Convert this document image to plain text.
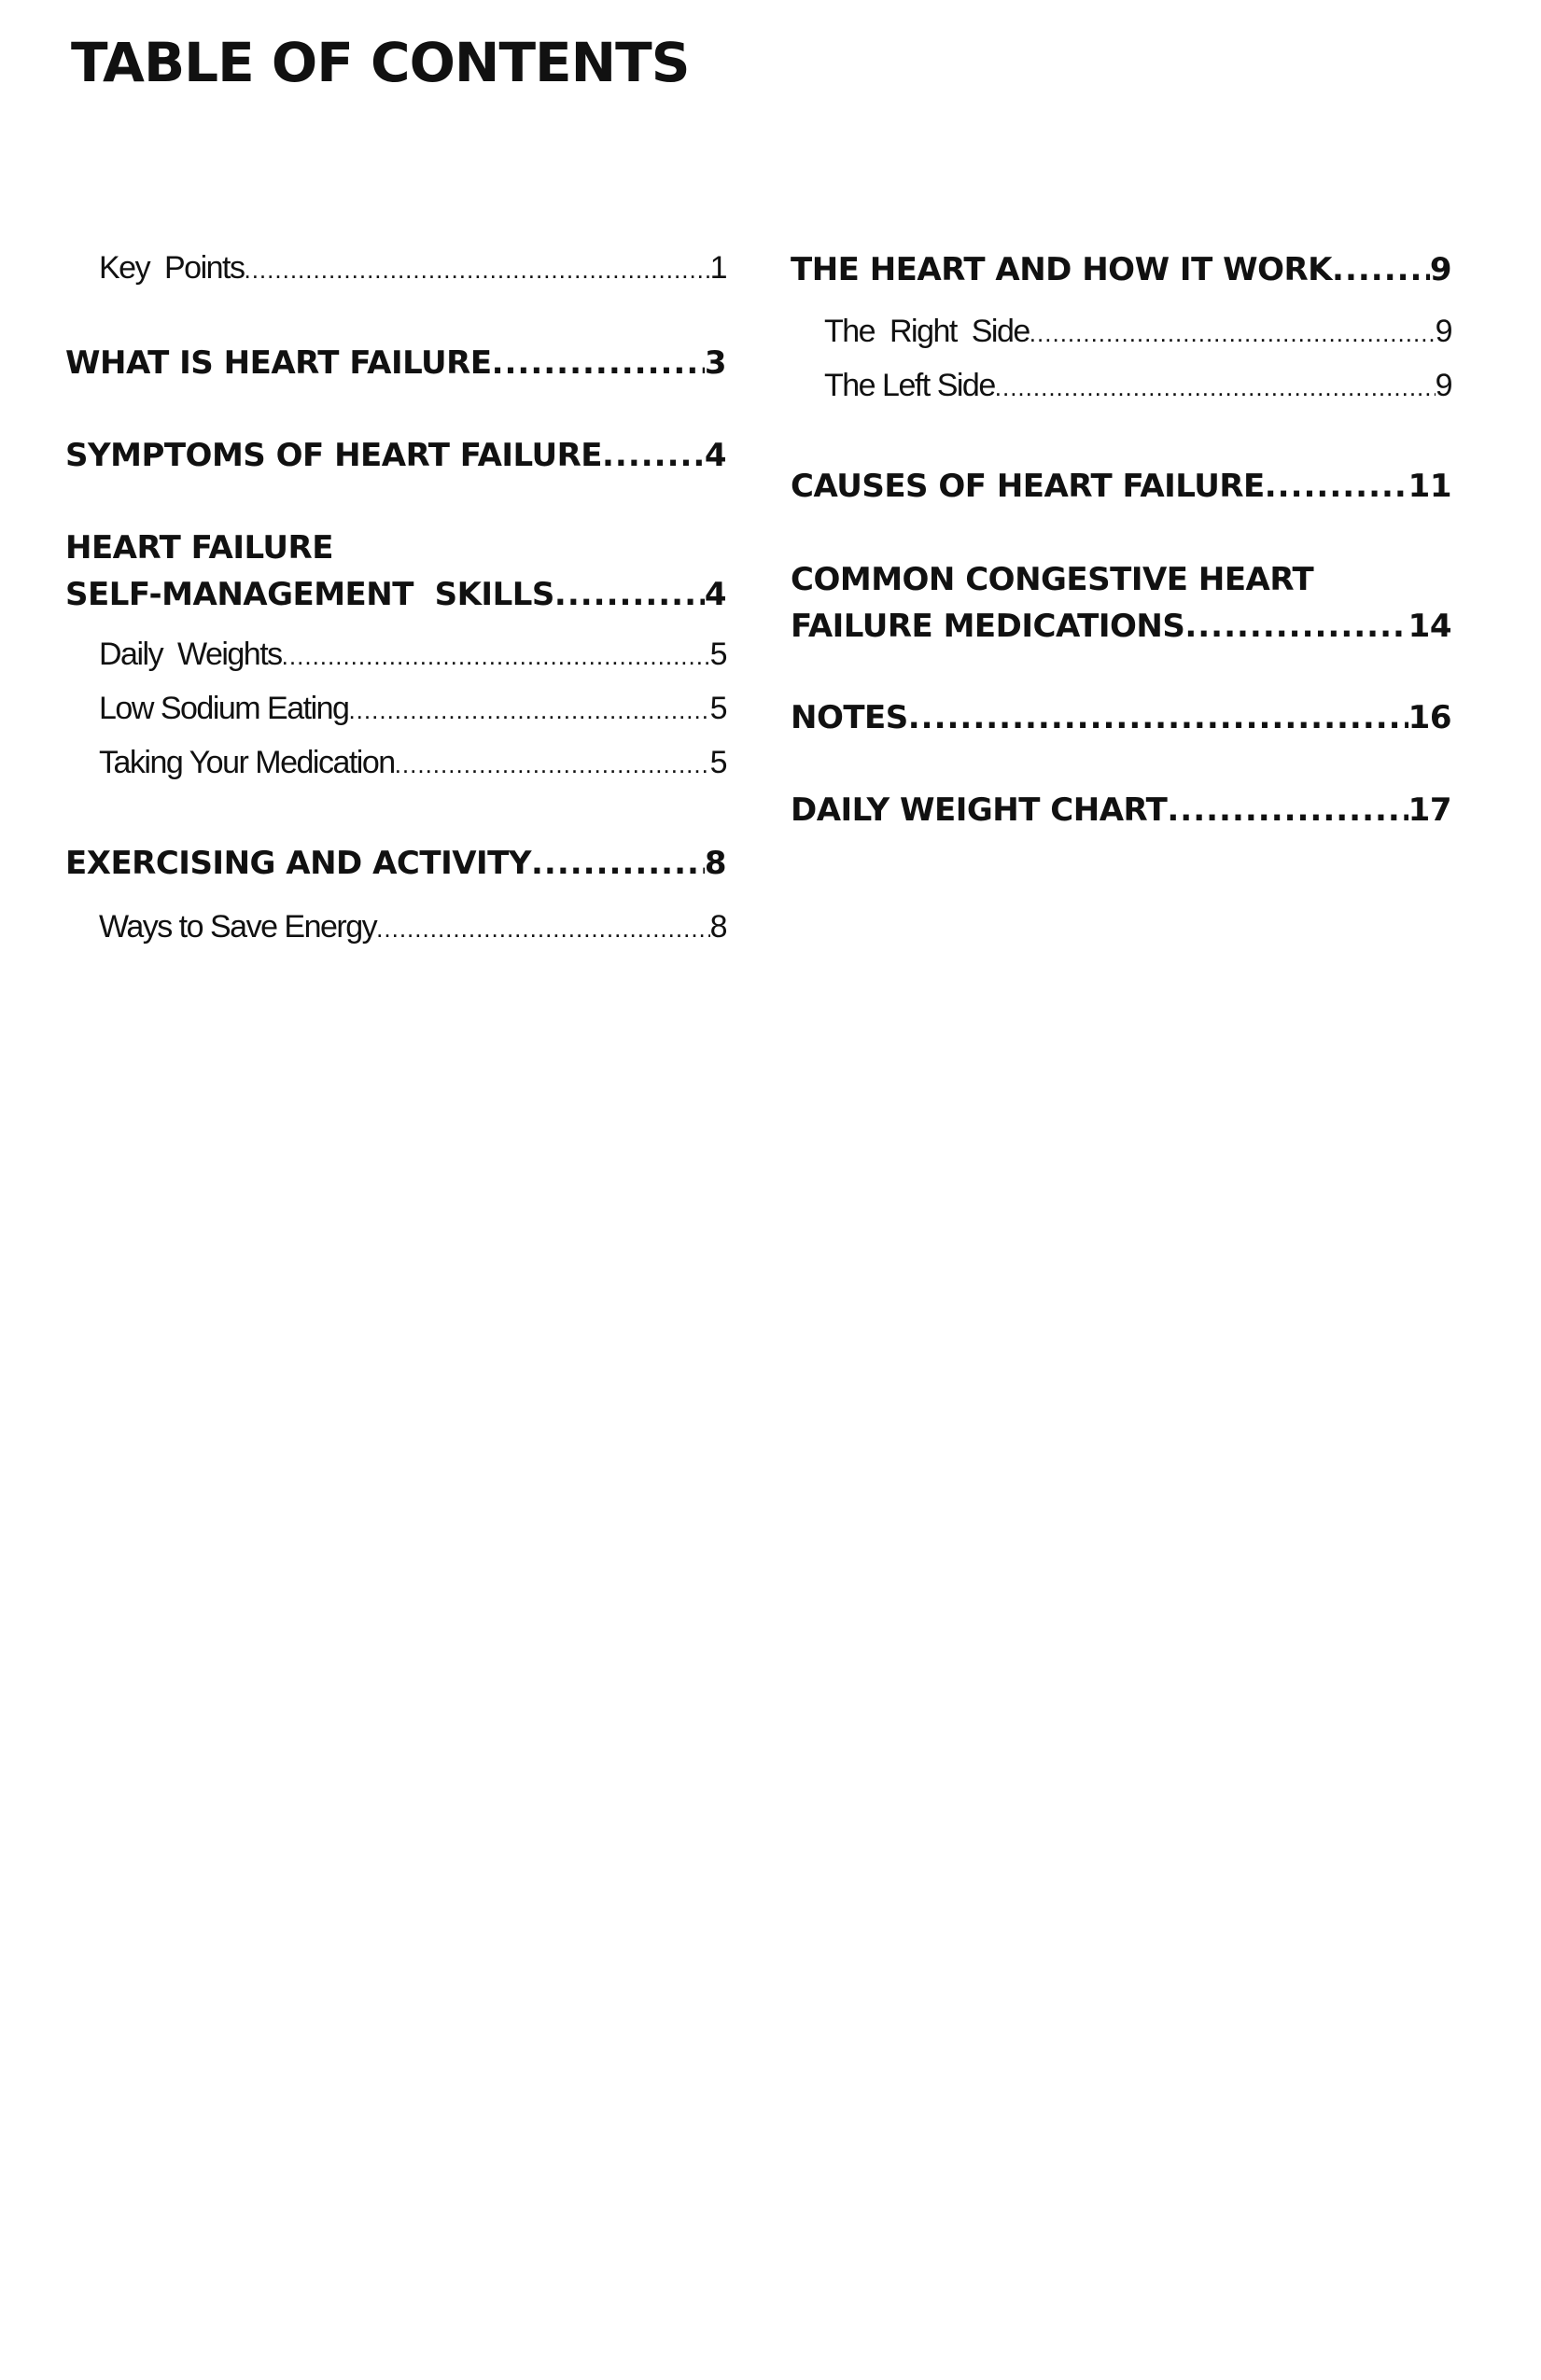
TABLE OF CONTENTS
Key  Points .....	1
WHAT IS HEART FAILURE .....	3
SYMPTOMS OF HEART FAILURE .....	4
HEART FAILURE
SELF-MANAGEMENT  SKILLS .....	4
Daily  Weights .....	5
Low Sodium Eating .....	5
Taking Your Medication .....	5
EXERCISING AND ACTIVITY .....	8
Ways to Save Energy .....	8
THE HEART AND HOW IT WORK .....	9
The  Right  Side .....	9
The Left Side .....	9
CAUSES OF HEART FAILURE .....	11
COMMON CONGESTIVE HEART
FAILURE MEDICATIONS .....	14
NOTES .....	16
DAILY WEIGHT CHART .....	17
